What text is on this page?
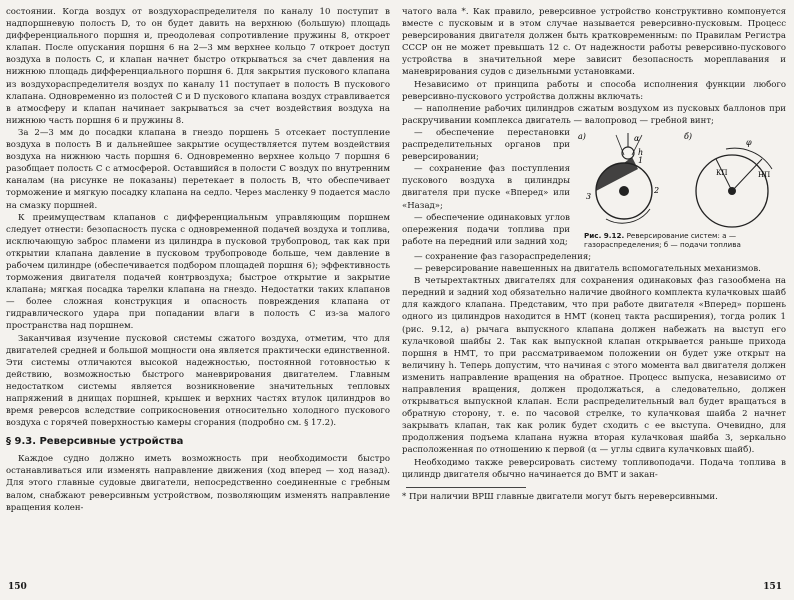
состоянии. Когда воздух от воздухораспределителя по каналу 10 поступит в надпоршневую полость D, то он будет давить на верхнюю (большую) площадь дифференциального поршня и, преодолевая сопротивление пружины 8, откроет клапан. После опускания поршня 6 на 2—3 мм верхнее кольцо 7 откроет доступ воздуха в полость C, и клапан начнет быстро открываться за счет давления на нижнюю площадь дифференциального поршня 6. Для закрытия пускового клапана из воздухораспределителя воздух по каналу 11 поступает в полость B пускового клапана. Одновременно из полостей C и D пускового клапана воздух стравливается в атмосферу и клапан начинает закрываться за счет воздействия воздуха на нижнюю часть поршня 6 и пружины 8.

За 2—3 мм до посадки клапана в гнездо поршень 5 отсекает поступление воздуха в полость B и дальнейшее закрытие осуществляется путем воздействия воздуха на нижнюю часть поршня 6. Одновременно верхнее кольцо 7 поршня 6 разобщает полость C с атмосферой. Оставшийся в полости C воздух по внутренним каналам (на рисунке не показаны) перетекает в полость B, что обеспечивает торможение и мягкую посадку клапана на седло. Через масленку 9 подается масло на смазку поршней.

К преимуществам клапанов с дифференциальным управляющим поршнем следует отнести: безопасность пуска с одновременной подачей воздуха и топлива, исключающую заброс пламени из цилиндра в пусковой трубопровод, так как при открытии клапана давление в пусковом трубопроводе больше, чем давление в рабочем цилиндре (обеспечивается подбором площадей поршня 6); эффективность торможения двигателя подачей контрвоздуха; быстрое открытие и закрытие клапана; мягкая посадка тарелки клапана на гнездо. Недостатки таких клапанов — более сложная конструкция и опасность повреждения клапана от гидравлического удара при попадании влаги в полость C из-за малого пространства над поршнем.

Заканчивая изучение пусковой системы сжатого воздуха, отметим, что для двигателей средней и большой мощности она является практически единственной. Эти системы отличаются высокой надежностью, постоянной готовностью к действию, возможностью быстрого маневрирования двигателем. Главным недостатком системы является возникновение значительных тепловых напряжений в днищах поршней, крышек и верхних частях втулок цилиндров во время реверсов вследствие соприкосновения относительно холодного пускового воздуха с горячей поверхностью камеры сгорания (подробно см. § 17.2).

§ 9.3. Реверсивные устройства

Каждое судно должно иметь возможность при необходимости быстро останавливаться или изменять направление движения (ход вперед — ход назад). Для этого главные судовые двигатели, непосредственно соединенные с гребным валом, снабжают реверсивным устройством, позволяющим изменять направление вращения колен-

150

чатого вала *. Как правило, реверсивное устройство конструктивно компонуется вместе с пусковым и в этом случае называется реверсивно-пусковым. Процесс реверсирования двигателя должен быть кратковременным: по Правилам Регистра СССР он не может превышать 12 с. От надежности работы реверсивно-пускового устройства в значительной мере зависит безопасность мореплавания и маневрирования судов с дизельными установками.

Независимо от принципа работы и способа исполнения функции любого реверсивно-пускового устройства должны включать:

— наполнение рабочих цилиндров сжатым воздухом из пусковых баллонов при раскручивании комплекса двигатель — валопровод — гребной винт;

а)	α
h
1
2
3
б)
φ
КП	НП
Рис. 9.12. Реверсирование систем: а — газораспределения; б — подачи топлива

— обеспечение перестановки распределительных органов при реверсировании;

— сохранение фаз поступления пускового воздуха в цилиндры двигателя при пуске «Вперед» или «Назад»;

— обеспечение одинаковых углов опережения подачи топлива при работе на передний или задний ход;

— сохранение фаз газораспределения;

— реверсирование навешенных на двигатель вспомогательных механизмов.

В четырехтактных двигателях для сохранения одинаковых фаз газообмена на передний и задний ход обязательно наличие двойного комплекта кулачковых шайб для каждого клапана. Представим, что при работе двигателя «Вперед» поршень одного из цилиндров находится в НМТ (конец такта расширения), тогда ролик 1 (рис. 9.12, а) рычага выпускного клапана должен набежать на выступ его кулачковой шайбы 2. Так как выпускной клапан открывается раньше прихода поршня в НМТ, то при рассматриваемом положении он будет уже открыт на величину h. Теперь допустим, что начиная с этого момента вал двигателя должен изменить направление вращения на обратное. Процесс выпуска, независимо от направления вращения, должен продолжаться, а следовательно, должен открываться выпускной клапан. Если распределительный вал будет вращаться в обратную сторону, т. е. по часовой стрелке, то кулачковая шайба 2 начнет закрывать клапан, так как ролик будет сходить с ее выступа. Очевидно, для продолжения подъема клапана нужна вторая кулачковая шайба 3, зеркально расположенная по отношению к первой (α — углы сдвига кулачковых шайб).

Необходимо также реверсировать систему топливоподачи. Подача топлива в цилиндр двигателя обычно начинается до ВМТ и закан-

* При наличии ВРШ главные двигатели могут быть нереверсивными.

151
